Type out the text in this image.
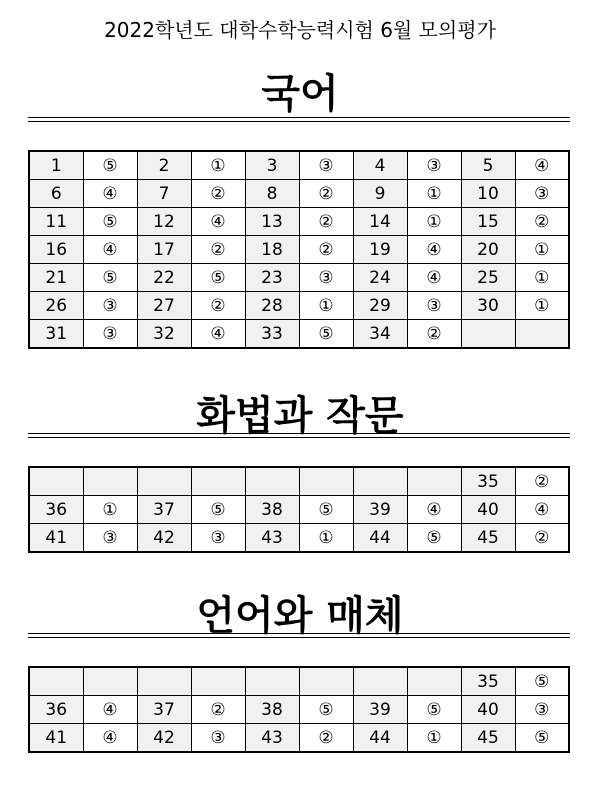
2022학년도 대학수학능력시험 6월 모의평가
국어
1	⑤	2	①	3	③	4	③	5	④
6	④	7	②	8	②	9	①	10	③
11	⑤	12	④	13	②	14	①	15	②
16	④	17	②	18	②	19	④	20	①
21	⑤	22	⑤	23	③	24	④	25	①
26	③	27	②	28	①	29	③	30	①
31	③	32	④	33	⑤	34	②		
화법과 작문
								35	②
36	①	37	⑤	38	⑤	39	④	40	④
41	③	42	③	43	①	44	⑤	45	②
언어와 매체
								35	⑤
36	④	37	②	38	⑤	39	⑤	40	③
41	④	42	③	43	②	44	①	45	⑤
